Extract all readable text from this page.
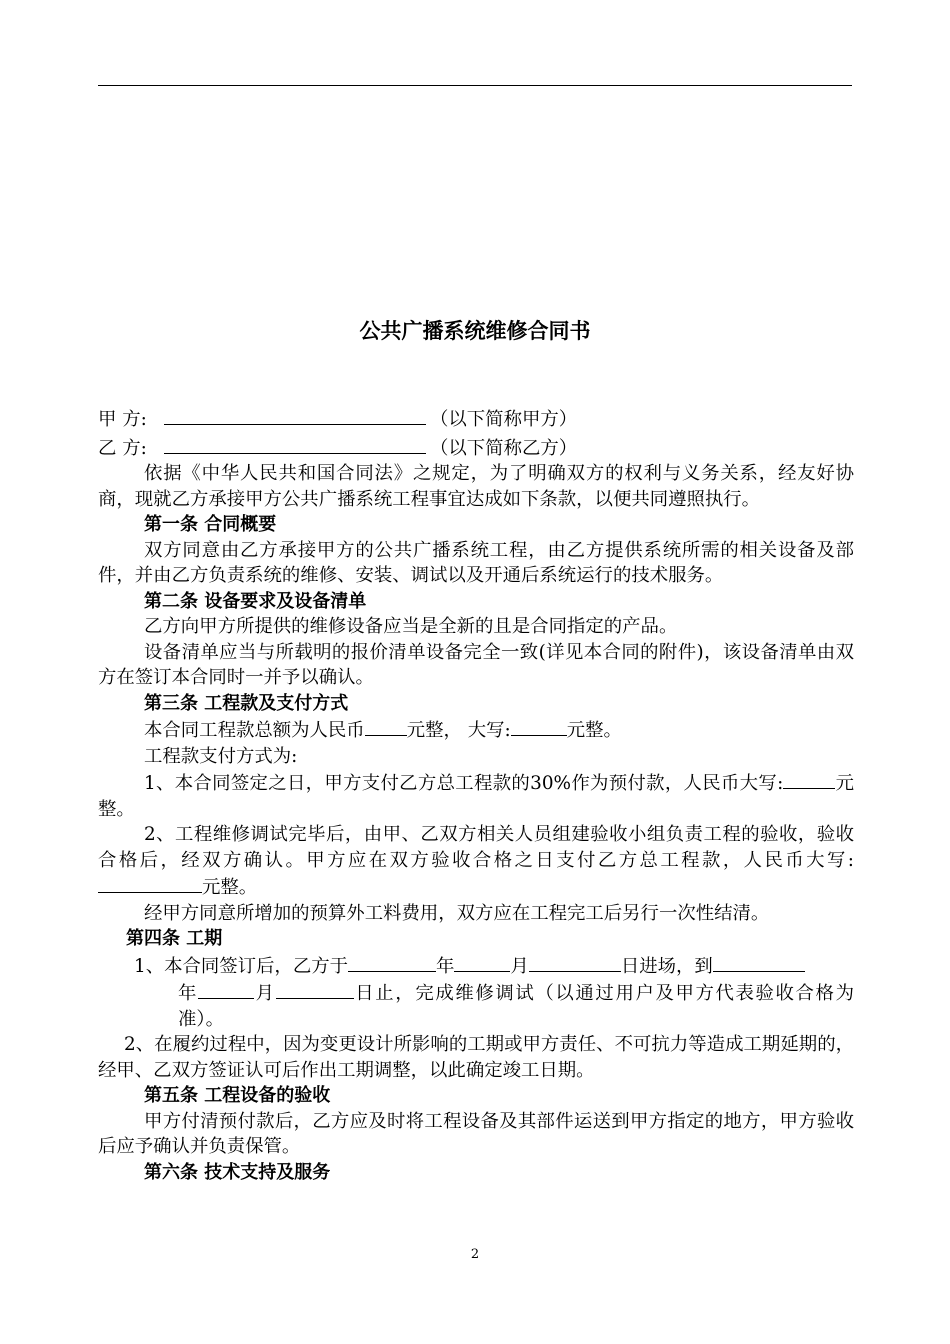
公共广播系统维修合同书
甲 方:	（以下简称甲方）
乙 方:	（以下简称乙方）

依据《中华人民共和国合同法》之规定，为了明确双方的权利与义务关系，经友好协商，现就乙方承接甲方公共广播系统工程事宜达成如下条款，以便共同遵照执行。

第一条 合同概要

双方同意由乙方承接甲方的公共广播系统工程，由乙方提供系统所需的相关设备及部件，并由乙方负责系统的维修、安装、调试以及开通后系统运行的技术服务。

第二条 设备要求及设备清单

乙方向甲方所提供的维修设备应当是全新的且是合同指定的产品。

设备清单应当与所载明的报价清单设备完全一致(详见本合同的附件)，该设备清单由双方在签订本合同时一并予以确认。

第三条 工程款及支付方式

本合同工程款总额为人民币 元整， 大写:	元整。

工程款支付方式为:

1、本合同签定之日，甲方支付乙方总工程款的30%作为预付款，人民币大写:	元整。

2、工程维修调试完毕后，由甲、乙双方相关人员组建验收小组负责工程的验收，验收合格后，经双方确认。甲方应在双方验收合格之日支付乙方总工程款，人民币大写:元整。

经甲方同意所增加的预算外工料费用，双方应在工程完工后另行一次性结清。

第四条 工期

1、本合同签订后，乙方于	年	月	日进场，到

年	月	日止，完成维修调试（以通过用户及甲方代表验收合格为准）。

2、在履约过程中，因为变更设计所影响的工期或甲方责任、不可抗力等造成工期延期的，经甲、乙双方签证认可后作出工期调整，以此确定竣工日期。

第五条 工程设备的验收

甲方付清预付款后，乙方应及时将工程设备及其部件运送到甲方指定的地方，甲方验收后应予确认并负责保管。

第六条 技术支持及服务

2
